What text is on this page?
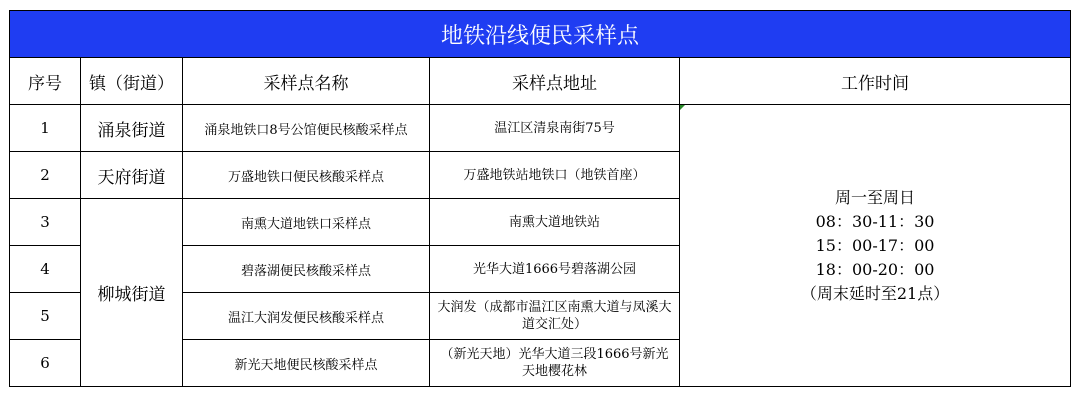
地铁沿线便民采样点				
序号	镇（街道）	采样点名称	采样点地址	工作时间
1	涌泉街道	涌泉地铁口8号公馆便民核酸采样点	温江区清泉南街75号	周一至周日
08：30-11：30
15：00-17：00
18：00-20：00
（周末延时至21点）

2	天府街道	万盛地铁口便民核酸采样点	万盛地铁站地铁口（地铁首座）	
3	柳城街道	南熏大道地铁口采样点	南熏大道地铁站	
4		碧落湖便民核酸采样点	光华大道1666号碧落湖公园	
5		温江大润发便民核酸采样点	大润发（成都市温江区南熏大道与凤溪大道交汇处）	
6		新光天地便民核酸采样点	（新光天地）光华大道三段1666号新光天地樱花林	
